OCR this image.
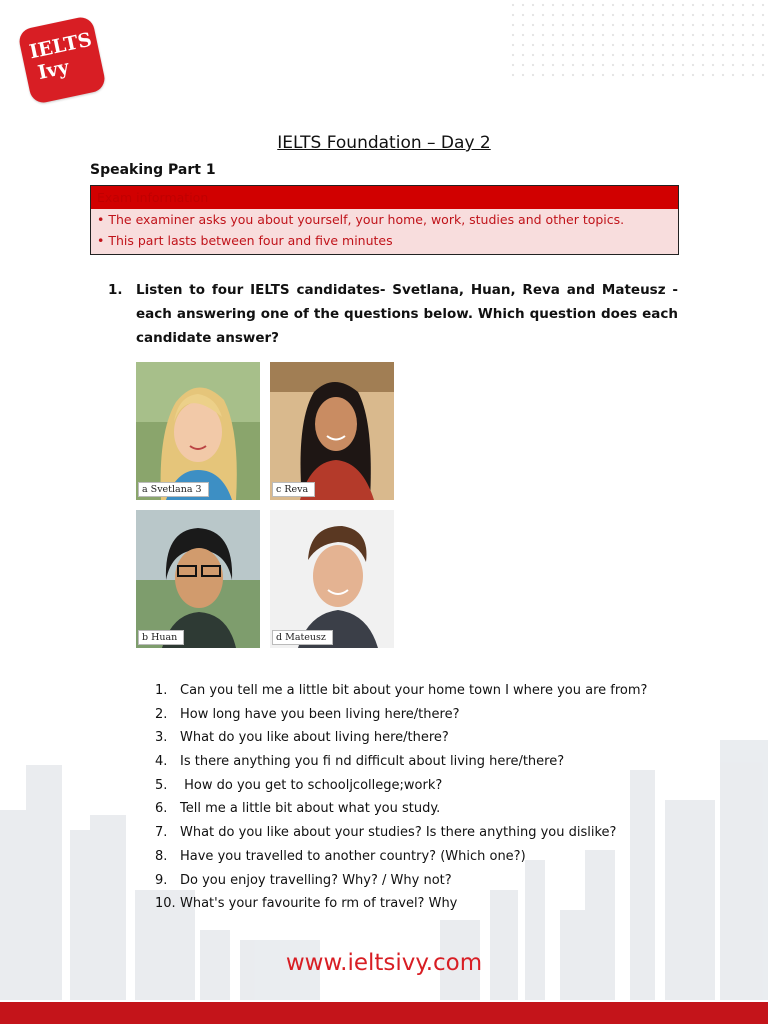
IELTS
Ivy
IELTS Foundation – Day 2
Speaking Part 1
Exam information
• The examiner asks you about yourself, your home, work, studies and other topics.
• This part lasts between four and five minutes
1. Listen to four IELTS candidates- Svetlana, Huan, Reva and Mateusz - each answering one of the questions below. Which question does each candidate answer?
a Svetlana 3	c Reva
b Huan	d Mateusz
1. Can you tell me a little bit about your home town I where you are from?
2. How long have you been living here/there?
3. What do you like about living here/there?
4. Is there anything you fi nd difficult about living here/there?
5. How do you get to schooljcollege;work?
6. Tell me a little bit about what you study.
7. What do you like about your studies? Is there anything you dislike?
8. Have you travelled to another country? (Which one?)
9. Do you enjoy travelling? Why? / Why not?
10. What's your favourite fo rm of travel? Why
www.ieltsivy.com
